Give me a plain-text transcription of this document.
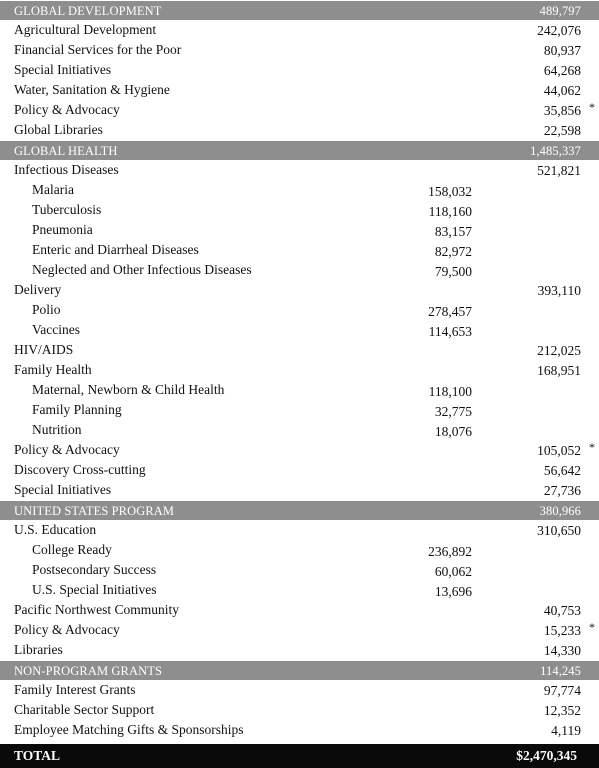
GLOBAL DEVELOPMENT	489,797
Agricultural Development	242,076
Financial Services for the Poor	80,937
Special Initiatives	64,268
Water, Sanitation & Hygiene	44,062
Policy & Advocacy	35,856 *
Global Libraries	22,598
GLOBAL HEALTH	1,485,337
Infectious Diseases	521,821
Malaria	158,032
Tuberculosis	118,160
Pneumonia	83,157
Enteric and Diarrheal Diseases	82,972
Neglected and Other Infectious Diseases	79,500
Delivery	393,110
Polio	278,457
Vaccines	114,653
HIV/AIDS	212,025
Family Health	168,951
Maternal, Newborn & Child Health	118,100
Family Planning	32,775
Nutrition	18,076
Policy & Advocacy	105,052 *
Discovery Cross-cutting	56,642
Special Initiatives	27,736
UNITED STATES PROGRAM	380,966
U.S. Education	310,650
College Ready	236,892
Postsecondary Success	60,062
U.S. Special Initiatives	13,696
Pacific Northwest Community	40,753
Policy & Advocacy	15,233 *
Libraries	14,330
NON-PROGRAM GRANTS	114,245
Family Interest Grants	97,774
Charitable Sector Support	12,352
Employee Matching Gifts & Sponsorships	4,119
TOTAL	$2,470,345
